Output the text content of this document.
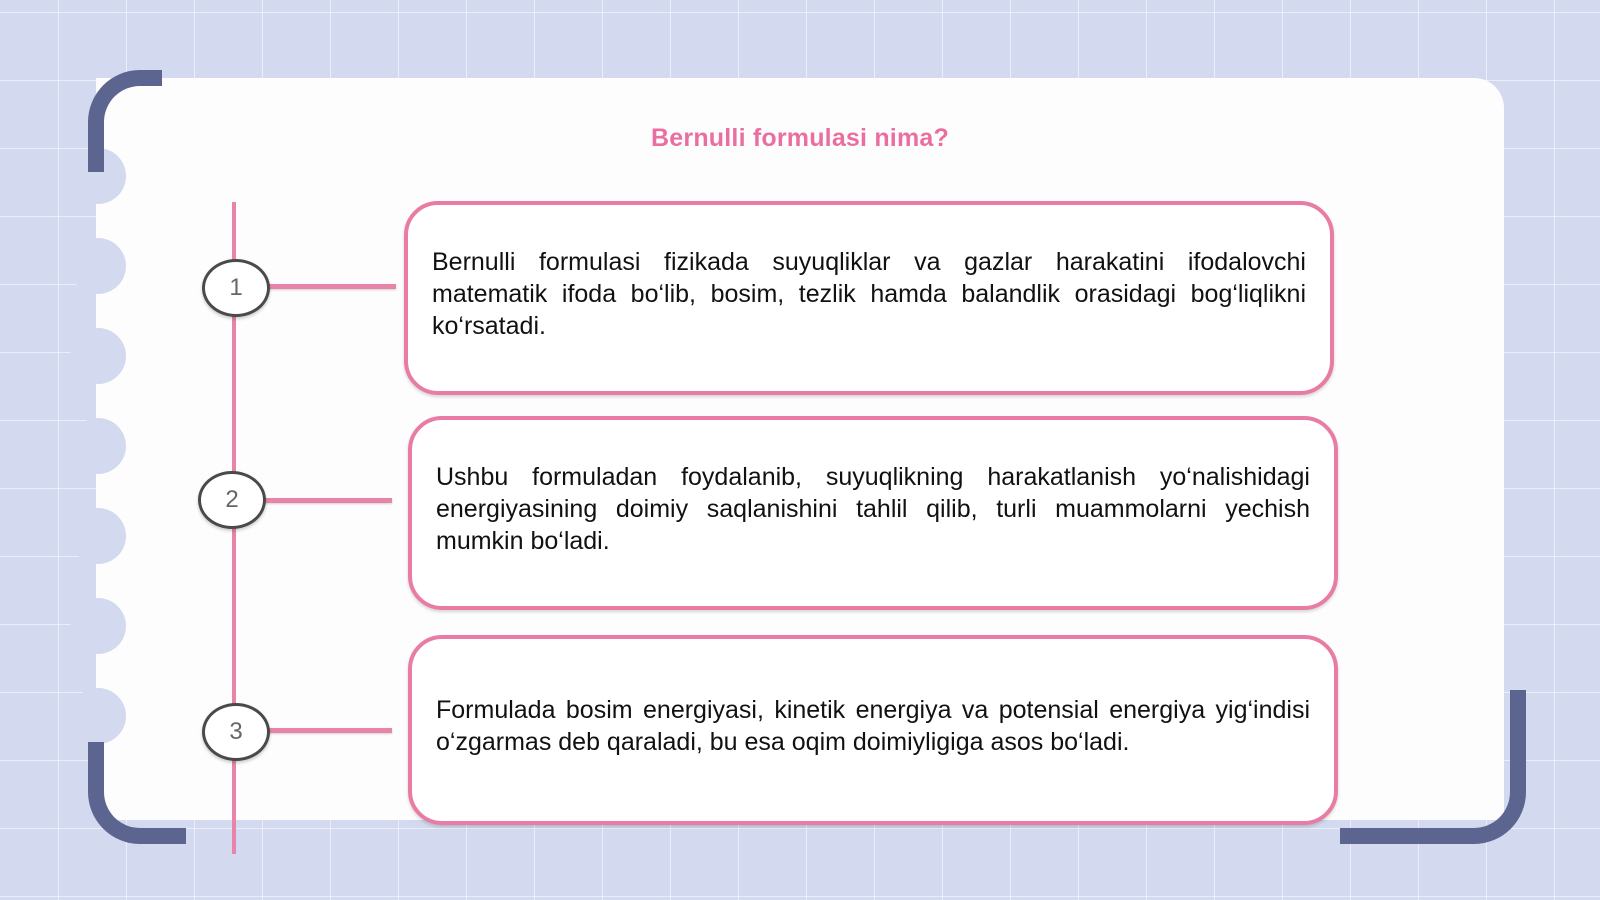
Bernulli formulasi nima?
1
Bernulli formulasi fizikada suyuqliklar va gazlar harakatini ifodalovchi matematik ifoda bo‘lib, bosim, tezlik hamda balandlik orasidagi bog‘liqlikni ko‘rsatadi.
2
Ushbu formuladan foydalanib, suyuqlikning harakatlanish yo‘nalishidagi energiyasining doimiy saqlanishini tahlil qilib, turli muammolarni yechish mumkin bo‘ladi.
3
Formulada bosim energiyasi, kinetik energiya va potensial energiya yig‘indisi o‘zgarmas deb qaraladi, bu esa oqim doimiyligiga asos bo‘ladi.
